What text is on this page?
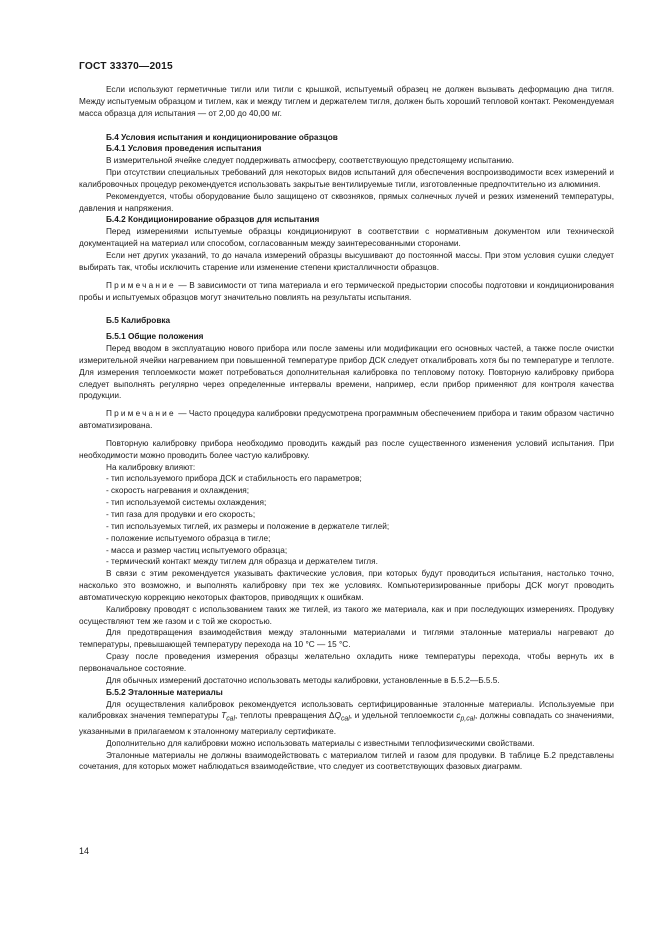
ГОСТ 33370—2015

Если используют герметичные тигли или тигли с крышкой, испытуемый образец не должен вызывать деформацию дна тигля. Между испытуемым образцом и тиглем, как и между тиглем и держателем тигля, должен быть хороший тепловой контакт. Рекомендуемая масса образца для испытания — от 2,00 до 40,00 мг.

Б.4 Условия испытания и кондиционирование образцов
Б.4.1 Условия проведения испытания

В измерительной ячейке следует поддерживать атмосферу, соответствующую предстоящему испытанию.

При отсутствии специальных требований для некоторых видов испытаний для обеспечения воспроизводимости всех измерений и калибровочных процедур рекомендуется использовать закрытые вентилируемые тигли, изготовленные предпочтительно из алюминия.

Рекомендуется, чтобы оборудование было защищено от сквозняков, прямых солнечных лучей и резких изменений температуры, давления и напряжения.

Б.4.2 Кондиционирование образцов для испытания

Перед измерениями испытуемые образцы кондиционируют в соответствии с нормативным документом или технической документацией на материал или способом, согласованным между заинтересованными сторонами.

Если нет других указаний, то до начала измерений образцы высушивают до постоянной массы. При этом условия сушки следует выбирать так, чтобы исключить старение или изменение степени кристалличности образцов.

Примечание — В зависимости от типа материала и его термической предыстории способы подготовки и кондиционирования пробы и испытуемых образцов могут значительно повлиять на результаты испытания.

Б.5 Калибровка
Б.5.1 Общие положения

Перед вводом в эксплуатацию нового прибора или после замены или модификации его основных частей, а также после очистки измерительной ячейки нагреванием при повышенной температуре прибор ДСК следует откалибровать хотя бы по температуре и теплоте. Для измерения теплоемкости может потребоваться дополнительная калибровка по тепловому потоку. Повторную калибровку прибора следует выполнять регулярно через определенные интервалы времени, например, если прибор применяют для контроля качества продукции.

Примечание — Часто процедура калибровки предусмотрена программным обеспечением прибора и таким образом частично автоматизирована.

Повторную калибровку прибора необходимо проводить каждый раз после существенного изменения условий испытания. При необходимости можно проводить более частую калибровку.

На калибровку влияют:

- тип используемого прибора ДСК и стабильность его параметров;
- скорость нагревания и охлаждения;
- тип используемой системы охлаждения;
- тип газа для продувки и его скорость;
- тип используемых тиглей, их размеры и положение в держателе тиглей;
- положение испытуемого образца в тигле;
- масса и размер частиц испытуемого образца;
- термический контакт между тиглем для образца и держателем тигля.

В связи с этим рекомендуется указывать фактические условия, при которых будут проводиться испытания, настолько точно, насколько это возможно, и выполнять калибровку при тех же условиях. Компьютеризированные приборы ДСК могут проводить автоматическую коррекцию некоторых факторов, приводящих к ошибкам.

Калибровку проводят с использованием таких же тиглей, из такого же материала, как и при последующих измерениях. Продувку осуществляют тем же газом и с той же скоростью.

Для предотвращения взаимодействия между эталонными материалами и тиглями эталонные материалы нагревают до температуры, превышающей температуру перехода на 10 °С — 15 °С.

Сразу после проведения измерения образцы желательно охладить ниже температуры перехода, чтобы вернуть их в первоначальное состояние.

Для обычных измерений достаточно использовать методы калибровки, установленные в Б.5.2—Б.5.5.

Б.5.2 Эталонные материалы

Для осуществления калибровок рекомендуется использовать сертифицированные эталонные материалы. Используемые при калибровках значения температуры $T_{cal}$, теплоты превращения $\Delta Q_{cal}$, и удельной теплоемкости $c_{p,cal}$, должны совпадать со значениями, указанными в прилагаемом к эталонному материалу сертификате.

Дополнительно для калибровки можно использовать материалы с известными теплофизическими свойствами.

Эталонные материалы не должны взаимодействовать с материалом тиглей и газом для продувки. В таблице Б.2 представлены сочетания, для которых может наблюдаться взаимодействие, что следует из соответствующих фазовых диаграмм.

14
